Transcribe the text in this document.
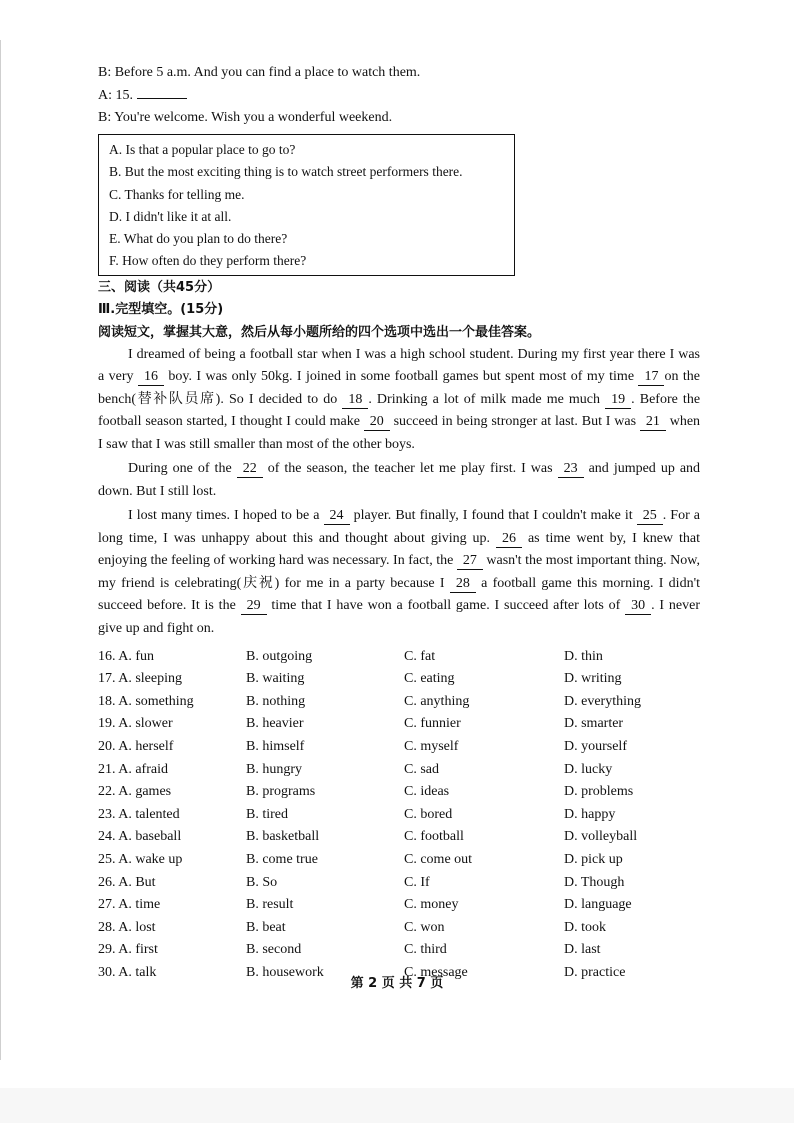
B: Before 5 a.m. And you can find a place to watch them.
A: 15.
B: You're welcome. Wish you a wonderful weekend.
A. Is that a popular place to go to?
B. But the most exciting thing is to watch street performers there.
C. Thanks for telling me.
D. I didn't like it at all.
E. What do you plan to do there?
F. How often do they perform there?
三、阅读（共45分）
Ⅲ.完型填空。(15分)
阅读短文，掌握其大意，然后从每小题所给的四个选项中选出一个最佳答案。

I dreamed of being a football star when I was a high school student. During my first year there I was a very 16 boy. I was only 50kg. I joined in some football games but spent most of my time 17 on the bench(替补队员席). So I decided to do 18 . Drinking a lot of milk made me much 19 . Before the football season started, I thought I could make 20 succeed in being stronger at last. But I was 21 when I saw that I was still smaller than most of the other boys.

During one of the 22 of the season, the teacher let me play first. I was 23 and jumped up and down. But I still lost.

I lost many times. I hoped to be a 24 player. But finally, I found that I couldn't make it 25 . For a long time, I was unhappy about this and thought about giving up. 26 as time went by, I knew that enjoying the feeling of working hard was necessary. In fact, the 27 wasn't the most important thing. Now, my friend is celebrating(庆祝) for me in a party because I 28 a football game this morning. I didn't succeed before. It is the 29 time that I have won a football game. I succeed after lots of 30 . I never give up and fight on.

16. A. fun	B. outgoing	C. fat	D. thin
17. A. sleeping	B. waiting	C. eating	D. writing
18. A. something	B. nothing	C. anything	D. everything
19. A. slower	B. heavier	C. funnier	D. smarter
20. A. herself	B. himself	C. myself	D. yourself
21. A. afraid	B. hungry	C. sad	D. lucky
22. A. games	B. programs	C. ideas	D. problems
23. A. talented	B. tired	C. bored	D. happy
24. A. baseball	B. basketball	C. football	D. volleyball
25. A. wake up	B. come true	C. come out	D. pick up
26. A. But	B. So	C. If	D. Though
27. A. time	B. result	C. money	D. language
28. A. lost	B. beat	C. won	D. took
29. A. first	B. second	C. third	D. last
30. A. talk	B. housework	C. message	D. practice
第 2 页 共 7 页
